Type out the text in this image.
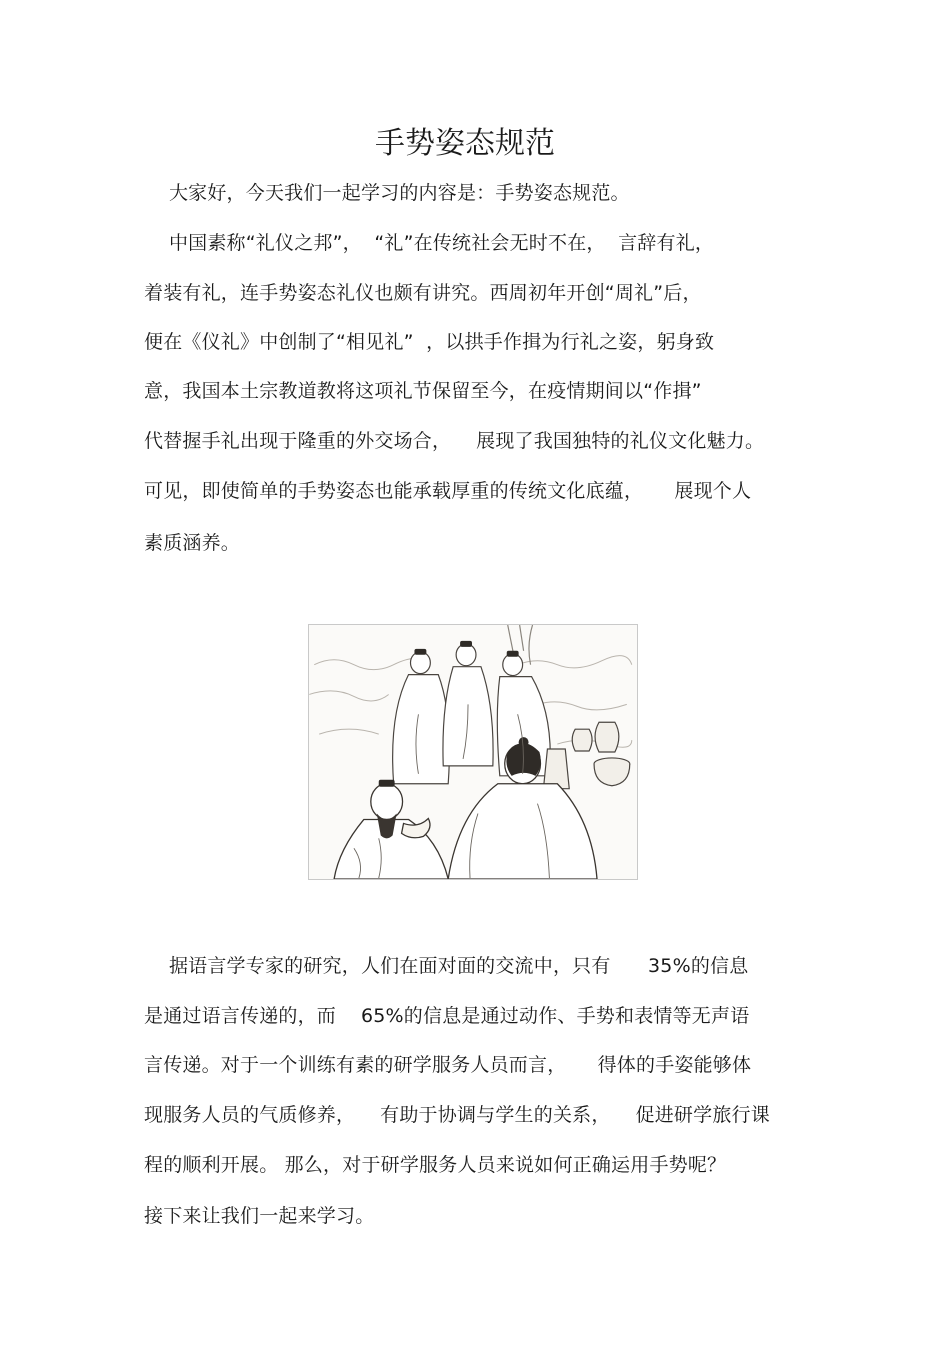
手势姿态规范
大家好，今天我们一起学习的内容是：手势姿态规范。
中国素称“礼仪之邦”，  “礼”在传统社会无时不在，  言辞有礼，
着装有礼，连手势姿态礼仪也颇有讲究。西周初年开创“周礼”后，
便在《仪礼》中创制了“相见礼”  ，以拱手作揖为行礼之姿，躬身致
意，我国本土宗教道教将这项礼节保留至今，在疫情期间以“作揖”
代替握手礼出现于隆重的外交场合，    展现了我国独特的礼仪文化魅力。
可见，即使简单的手势姿态也能承载厚重的传统文化底蕴，     展现个人
素质涵养。
据语言学专家的研究，人们在面对面的交流中，只有      35%的信息
是通过语言传递的，而    65%的信息是通过动作、手势和表情等无声语
言传递。对于一个训练有素的研学服务人员而言，     得体的手姿能够体
现服务人员的气质修养，    有助于协调与学生的关系，    促进研学旅行课
程的顺利开展。 那么，对于研学服务人员来说如何正确运用手势呢？
接下来让我们一起来学习。
